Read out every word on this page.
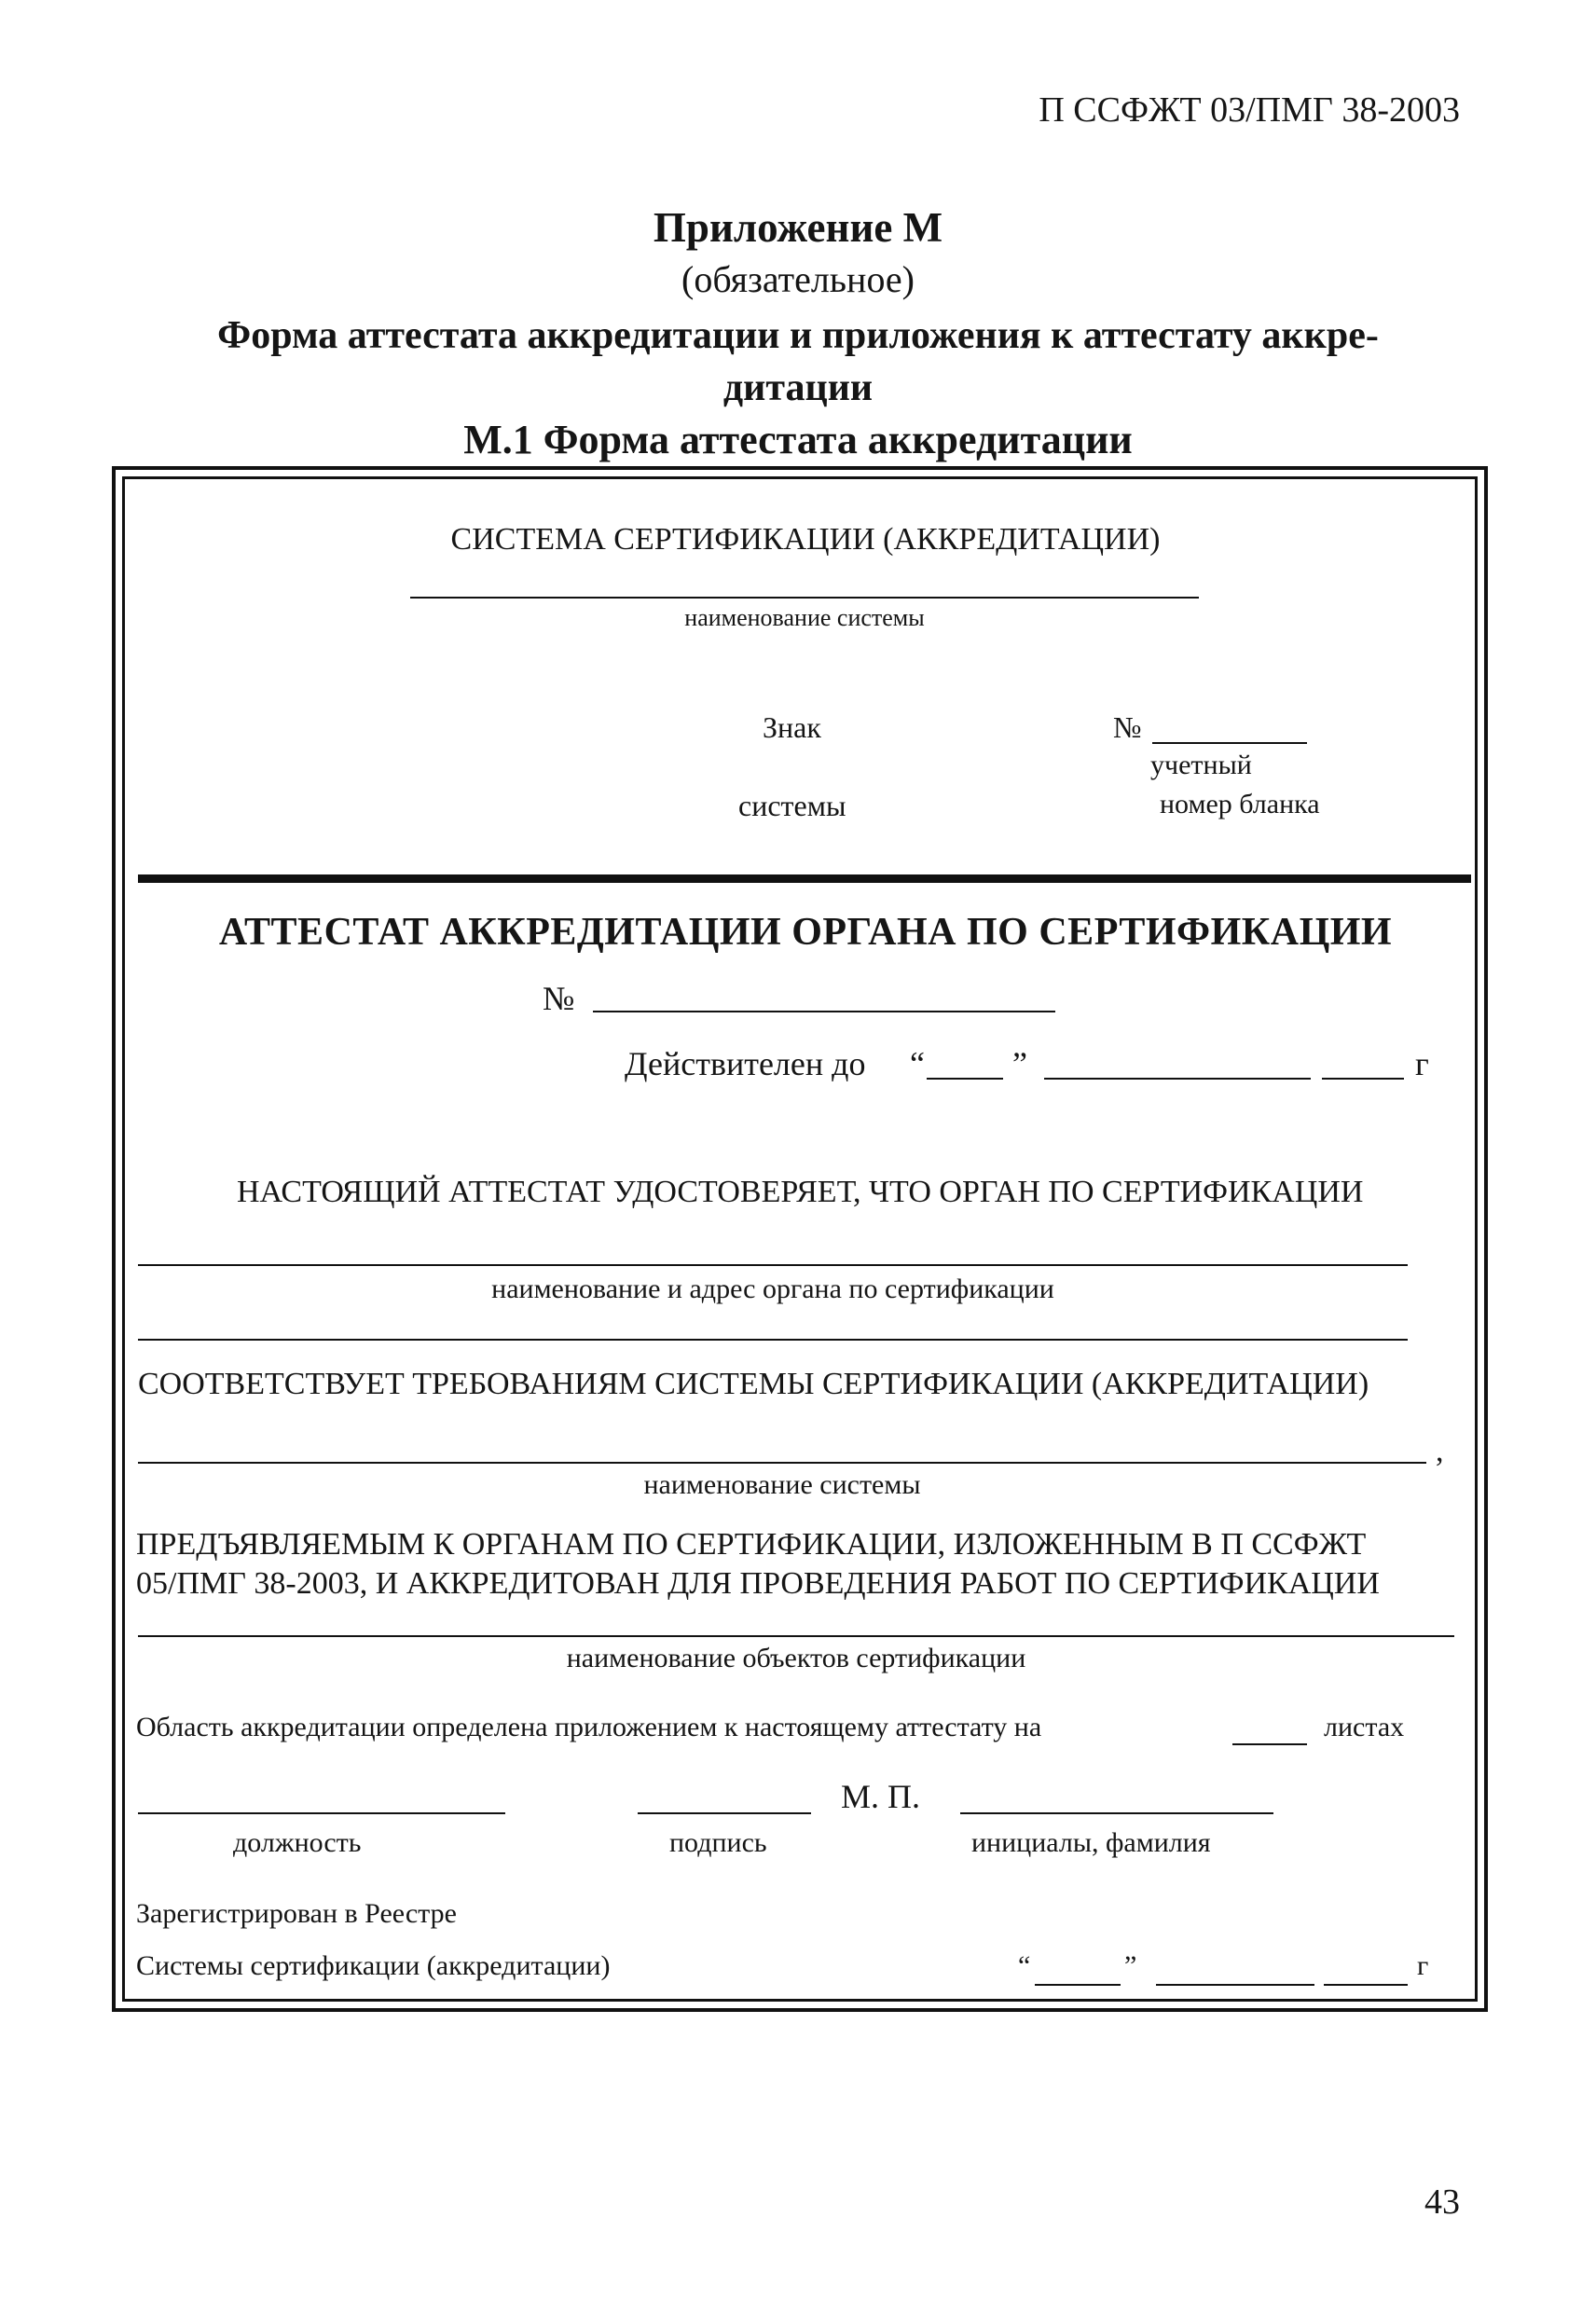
П ССФЖТ 03/ПМГ 38-2003
Приложение М
(обязательное)
Форма аттестата аккредитации и приложения к аттестату аккре-
дитации
М.1 Форма аттестата аккредитации
СИСТЕМА СЕРТИФИКАЦИИ (АККРЕДИТАЦИИ)
наименование системы
Знак
системы
№
учетный
номер бланка
АТТЕСТАТ АККРЕДИТАЦИИ ОРГАНА ПО СЕРТИФИКАЦИИ
№
Действителен до “	”	г
НАСТОЯЩИЙ АТТЕСТАТ УДОСТОВЕРЯЕТ, ЧТО ОРГАН ПО СЕРТИФИКАЦИИ
наименование и адрес органа по сертификации
СООТВЕТСТВУЕТ ТРЕБОВАНИЯМ СИСТЕМЫ СЕРТИФИКАЦИИ (АККРЕДИТАЦИИ)
,
наименование системы
ПРЕДЪЯВЛЯЕМЫМ К ОРГАНАМ ПО СЕРТИФИКАЦИИ, ИЗЛОЖЕННЫМ В П ССФЖТ
05/ПМГ 38-2003, И АККРЕДИТОВАН ДЛЯ ПРОВЕДЕНИЯ РАБОТ ПО СЕРТИФИКАЦИИ
наименование объектов сертификации
Область аккредитации определена приложением к настоящему аттестату на	листах
М. П.
должность	подпись	инициалы, фамилия
Зарегистрирован в Реестре
Системы сертификации (аккредитации)	“	”	г
43
